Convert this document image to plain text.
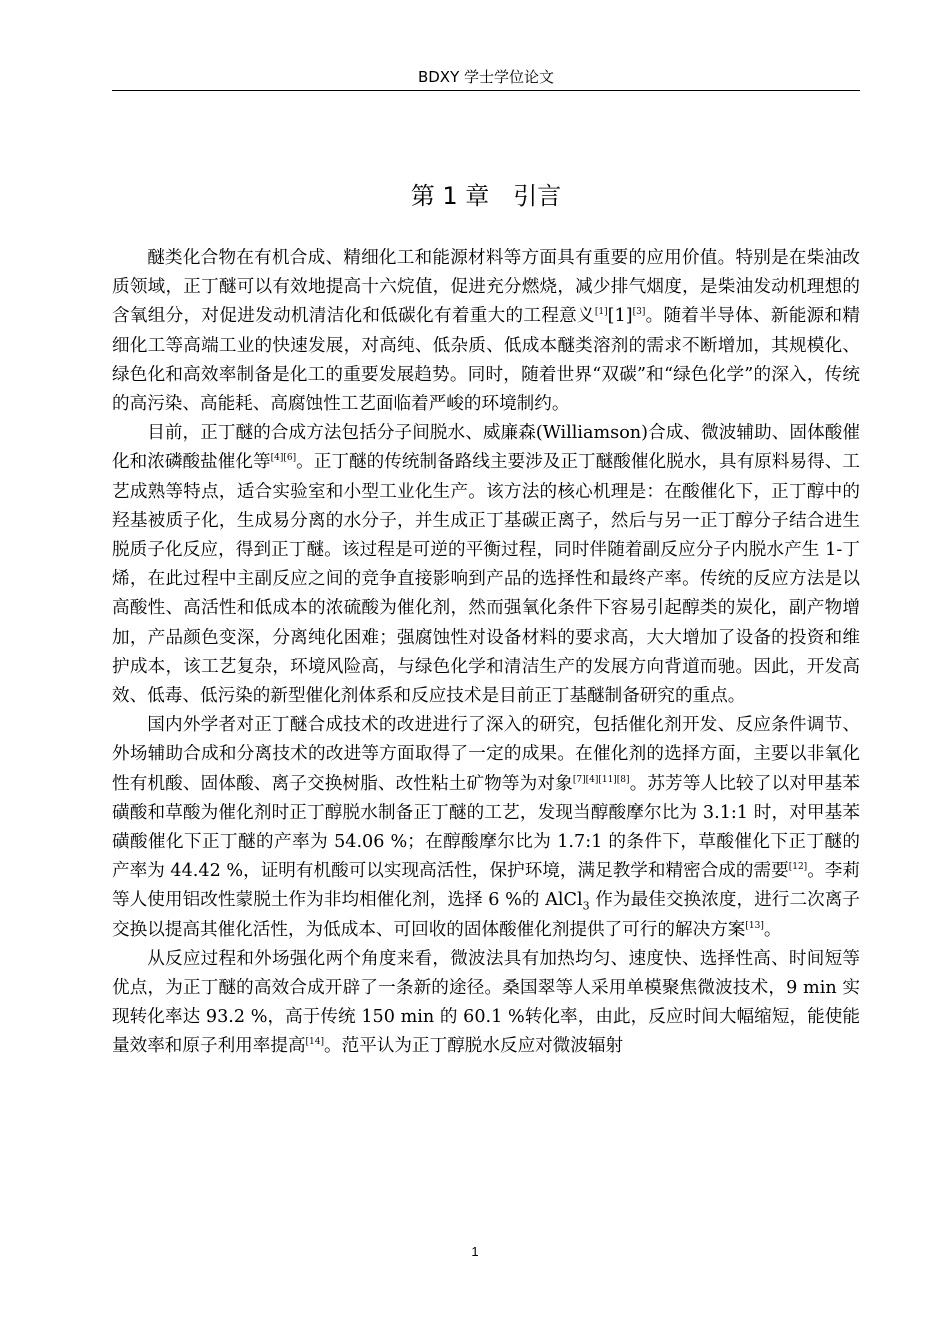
BDXY 学士学位论文
第 1 章　引言

醚类化合物在有机合成、精细化工和能源材料等方面具有重要的应用价值。特别是在柴油改质领域，正丁醚可以有效地提高十六烷值，促进充分燃烧，减少排气烟度，是柴油发动机理想的含氧组分，对促进发动机清洁化和低碳化有着重大的工程意义[1][1][3]。随着半导体、新能源和精细化工等高端工业的快速发展，对高纯、低杂质、低成本醚类溶剂的需求不断增加，其规模化、绿色化和高效率制备是化工的重要发展趋势。同时，随着世界“双碳”和“绿色化学”的深入，传统的高污染、高能耗、高腐蚀性工艺面临着严峻的环境制约。

目前，正丁醚的合成方法包括分子间脱水、威廉森(Williamson)合成、微波辅助、固体酸催化和浓磷酸盐催化等[4][6]。正丁醚的传统制备路线主要涉及正丁醚酸催化脱水，具有原料易得、工艺成熟等特点，适合实验室和小型工业化生产。该方法的核心机理是：在酸催化下，正丁醇中的羟基被质子化，生成易分离的水分子，并生成正丁基碳正离子，然后与另一正丁醇分子结合进生脱质子化反应，得到正丁醚。该过程是可逆的平衡过程，同时伴随着副反应分子内脱水产生 1-丁烯，在此过程中主副反应之间的竞争直接影响到产品的选择性和最终产率。传统的反应方法是以高酸性、高活性和低成本的浓硫酸为催化剂，然而强氧化条件下容易引起醇类的炭化，副产物增加，产品颜色变深，分离纯化困难；强腐蚀性对设备材料的要求高，大大增加了设备的投资和维护成本，该工艺复杂，环境风险高，与绿色化学和清洁生产的发展方向背道而驰。因此，开发高效、低毒、低污染的新型催化剂体系和反应技术是目前正丁基醚制备研究的重点。

国内外学者对正丁醚合成技术的改进进行了深入的研究，包括催化剂开发、反应条件调节、外场辅助合成和分离技术的改进等方面取得了一定的成果。在催化剂的选择方面，主要以非氧化性有机酸、固体酸、离子交换树脂、改性粘土矿物等为对象[7][4][11][8]。苏芳等人比较了以对甲基苯磺酸和草酸为催化剂时正丁醇脱水制备正丁醚的工艺，发现当醇酸摩尔比为 3.1:1 时，对甲基苯磺酸催化下正丁醚的产率为 54.06 %；在醇酸摩尔比为 1.7:1 的条件下，草酸催化下正丁醚的产率为 44.42 %，证明有机酸可以实现高活性，保护环境，满足教学和精密合成的需要[12]。李莉等人使用铝改性蒙脱土作为非均相催化剂，选择 6 %的 AlCl$_3$ 作为最佳交换浓度，进行二次离子交换以提高其催化活性，为低成本、可回收的固体酸催化剂提供了可行的解决方案[13]。

从反应过程和外场强化两个角度来看，微波法具有加热均匀、速度快、选择性高、时间短等优点，为正丁醚的高效合成开辟了一条新的途径。桑国翠等人采用单模聚焦微波技术，9 min 实现转化率达 93.2 %，高于传统 150 min 的 60.1 %转化率，由此，反应时间大幅缩短，能使能量效率和原子利用率提高[14]。范平认为正丁醇脱水反应对微波辐射

1
